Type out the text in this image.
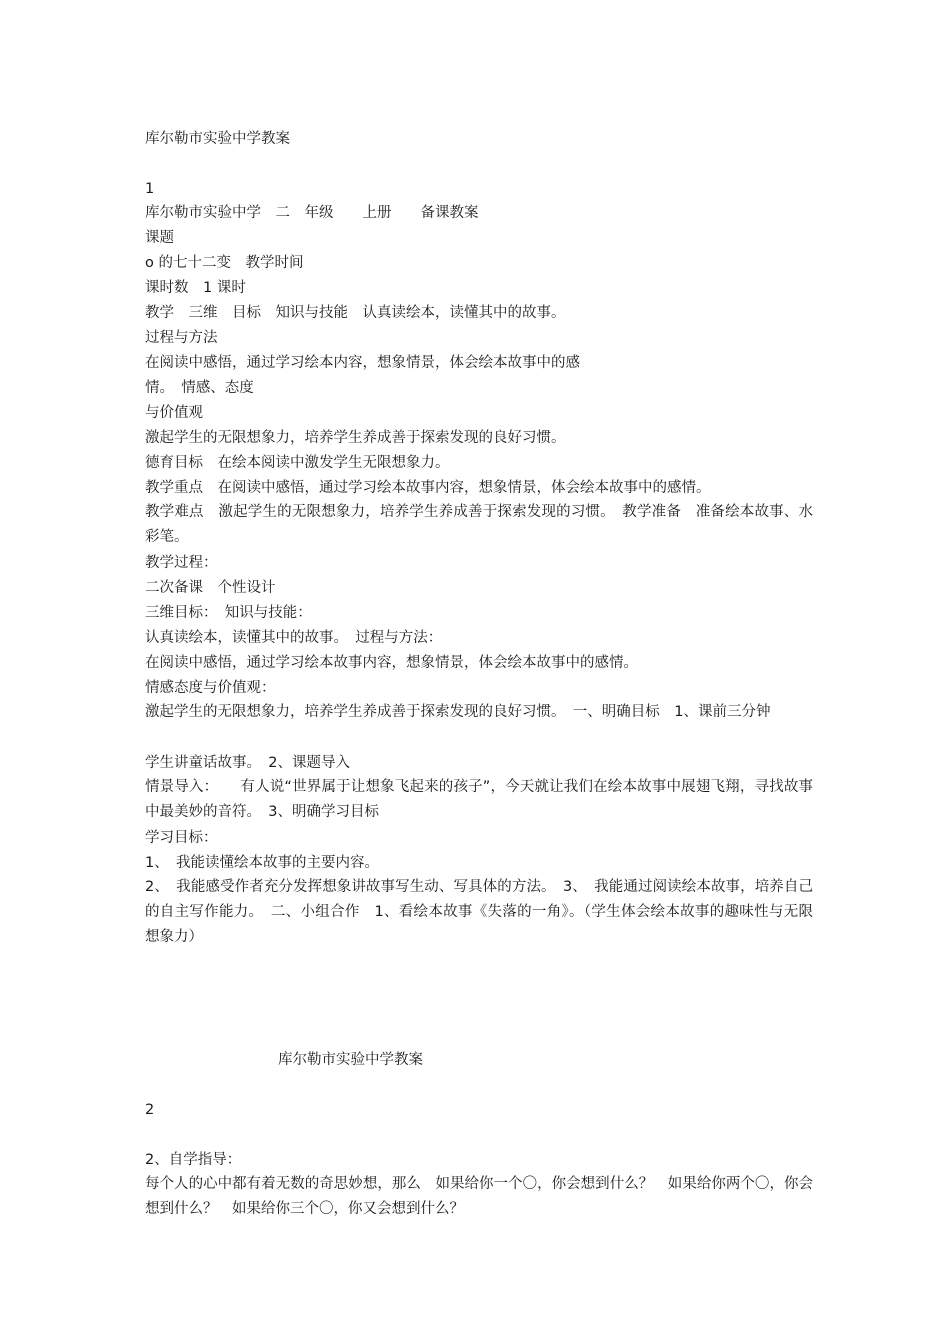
库尔勒市实验中学教案
1
库尔勒市实验中学　二　年级　　上册　　备课教案
课题
o 的七十二变　教学时间
课时数　1 课时
教学　三维　目标　知识与技能　认真读绘本，读懂其中的故事。
过程与方法
在阅读中感悟，通过学习绘本内容，想象情景，体会绘本故事中的感
情。　情感、态度
与价值观
激起学生的无限想象力，培养学生养成善于探索发现的良好习惯。
德育目标　在绘本阅读中激发学生无限想象力。
教学重点　在阅读中感悟，通过学习绘本故事内容，想象情景，体会绘本故事中的感情。
教学难点　激起学生的无限想象力，培养学生养成善于探索发现的习惯。　教学准备　准备绘本故事、水彩笔。
教学过程：
二次备课　个性设计
三维目标：　知识与技能：
认真读绘本，读懂其中的故事。　过程与方法：
在阅读中感悟，通过学习绘本故事内容，想象情景，体会绘本故事中的感情。
情感态度与价值观：
激起学生的无限想象力，培养学生养成善于探索发现的良好习惯。　一、明确目标　1、课前三分钟
学生讲童话故事。　2、课题导入
情景导入：　　有人说“世界属于让想象飞起来的孩子”，今天就让我们在绘本故事中展翅飞翔，寻找故事中最美妙的音符。　3、明确学习目标
学习目标：
1、　我能读懂绘本故事的主要内容。
2、　我能感受作者充分发挥想象讲故事写生动、写具体的方法。　3、　我能通过阅读绘本故事，培养自己的自主写作能力。　二、小组合作　1、看绘本故事《失落的一角》。（学生体会绘本故事的趣味性与无限想象力）
库尔勒市实验中学教案
2
2、自学指导：
每个人的心中都有着无数的奇思妙想，那么　如果给你一个〇，你会想到什么？　如果给你两个〇，你会想到什么？　如果给你三个〇，你又会想到什么？
